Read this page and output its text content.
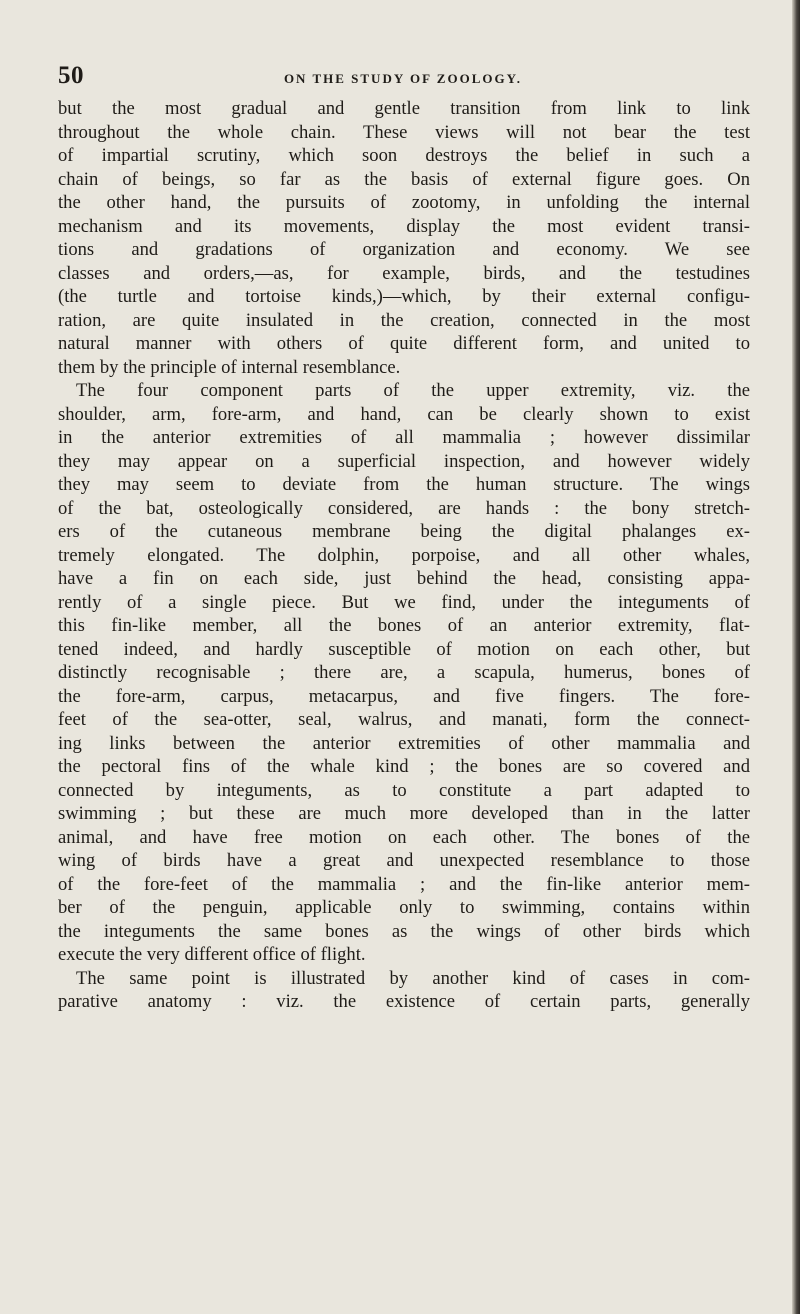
50	ON THE STUDY OF ZOOLOGY.
but the most gradual and gentle transition from link to link
throughout the whole chain. These views will not bear the test
of impartial scrutiny, which soon destroys the belief in such a
chain of beings, so far as the basis of external figure goes. On
the other hand, the pursuits of zootomy, in unfolding the internal
mechanism and its movements, display the most evident transi-
tions and gradations of organization and economy. We see
classes and orders,—as, for example, birds, and the testudines
(the turtle and tortoise kinds,)—which, by their external configu-
ration, are quite insulated in the creation, connected in the most
natural manner with others of quite different form, and united to
them by the principle of internal resemblance.
The four component parts of the upper extremity, viz. the
shoulder, arm, fore-arm, and hand, can be clearly shown to exist
in the anterior extremities of all mammalia ; however dissimilar
they may appear on a superficial inspection, and however widely
they may seem to deviate from the human structure. The wings
of the bat, osteologically considered, are hands : the bony stretch-
ers of the cutaneous membrane being the digital phalanges ex-
tremely elongated. The dolphin, porpoise, and all other whales,
have a fin on each side, just behind the head, consisting appa-
rently of a single piece. But we find, under the integuments of
this fin-like member, all the bones of an anterior extremity, flat-
tened indeed, and hardly susceptible of motion on each other, but
distinctly recognisable ; there are, a scapula, humerus, bones of
the fore-arm, carpus, metacarpus, and five fingers. The fore-
feet of the sea-otter, seal, walrus, and manati, form the connect-
ing links between the anterior extremities of other mammalia and
the pectoral fins of the whale kind ; the bones are so covered and
connected by integuments, as to constitute a part adapted to
swimming ; but these are much more developed than in the latter
animal, and have free motion on each other. The bones of the
wing of birds have a great and unexpected resemblance to those
of the fore-feet of the mammalia ; and the fin-like anterior mem-
ber of the penguin, applicable only to swimming, contains within
the integuments the same bones as the wings of other birds which
execute the very different office of flight.
The same point is illustrated by another kind of cases in com-
parative anatomy : viz. the existence of certain parts, generally
